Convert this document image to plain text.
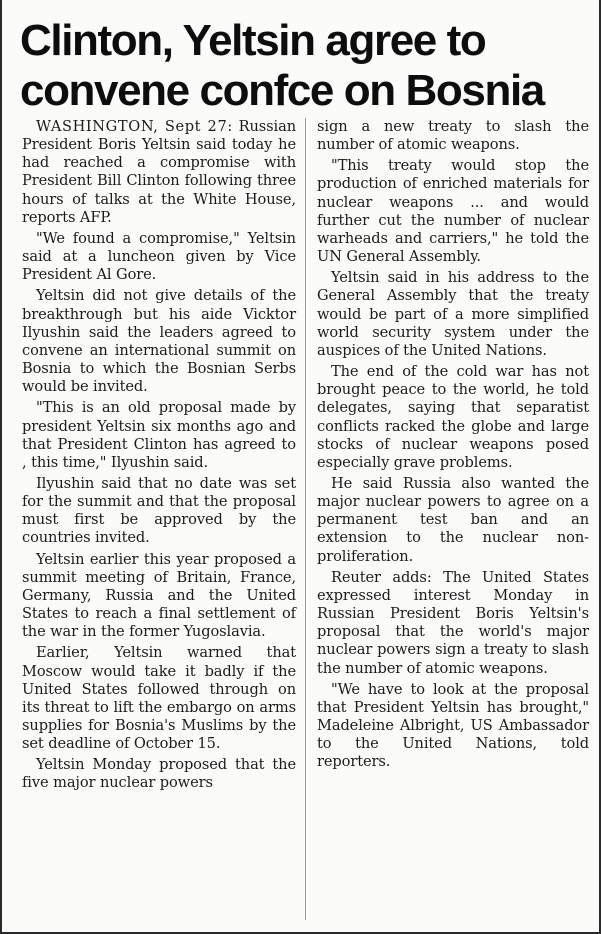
Clinton, Yeltsin agree to
convene confce on Bosnia

WASHINGTON, Sept 27: Russian President Boris Yeltsin said today he had reached a compromise with President Bill Clinton following three hours of talks at the White House, reports AFP.

"We found a compromise," Yeltsin said at a luncheon given by Vice President Al Gore.

Yeltsin did not give details of the breakthrough but his aide Vicktor Ilyushin said the leaders agreed to convene an international summit on Bosnia to which the Bosnian Serbs would be invited.

"This is an old proposal made by president Yeltsin six months ago and that President Clinton has agreed to , this time," Ilyushin said.

Ilyushin said that no date was set for the summit and that the proposal must first be approved by the countries invited.

Yeltsin earlier this year proposed a summit meeting of Britain, France, Germany, Russia and the United States to reach a final settlement of the war in the former Yugoslavia.

Earlier, Yeltsin warned that Moscow would take it badly if the United States followed through on its threat to lift the embargo on arms supplies for Bosnia's Muslims by the set deadline of October 15.

Yeltsin Monday proposed that the five major nuclear powers

sign a new treaty to slash the number of atomic weapons.

"This treaty would stop the production of enriched materials for nuclear weapons ... and would further cut the number of nuclear warheads and carriers," he told the UN General Assembly.

Yeltsin said in his address to the General Assembly that the treaty would be part of a more simplified world security system under the auspices of the United Nations.

The end of the cold war has not brought peace to the world, he told delegates, saying that separatist conflicts racked the globe and large stocks of nuclear weapons posed especially grave problems.

He said Russia also wanted the major nuclear powers to agree on a permanent test ban and an extension to the nuclear non-proliferation.

Reuter adds: The United States expressed interest Monday in Russian President Boris Yeltsin's proposal that the world's major nuclear powers sign a treaty to slash the number of atomic weapons.

"We have to look at the proposal that President Yeltsin has brought," Madeleine Albright, US Ambassador to the United Nations, told reporters.
